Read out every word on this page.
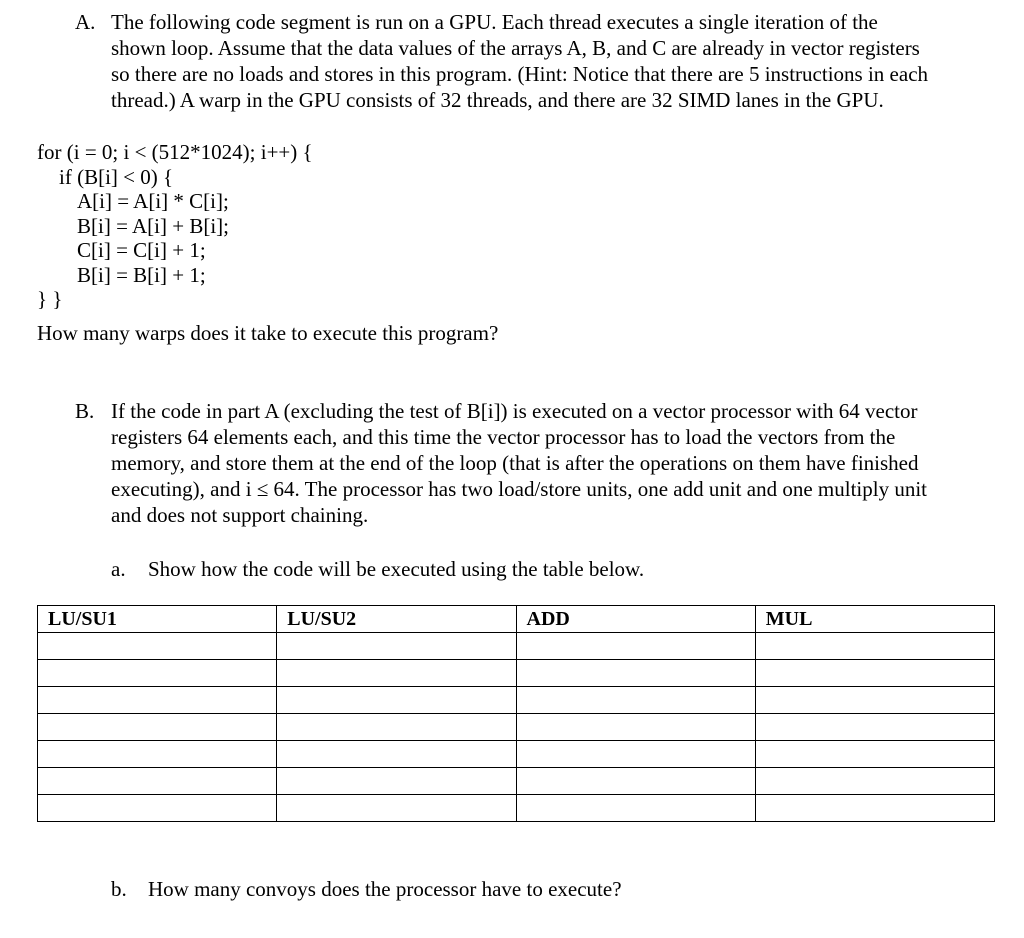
A. The following code segment is run on a GPU. Each thread executes a single iteration of the
shown loop. Assume that the data values of the arrays A, B, and C are already in vector registers
so there are no loads and stores in this program. (Hint: Notice that there are 5 instructions in each
thread.) A warp in the GPU consists of 32 threads, and there are 32 SIMD lanes in the GPU.
for (i = 0; i < (512*1024); i++) {
if (B[i] < 0) {
A[i] = A[i] * C[i];
B[i] = A[i] + B[i];
C[i] = C[i] + 1;
B[i] = B[i] + 1;
} }
How many warps does it take to execute this program?
B. If the code in part A (excluding the test of B[i]) is executed on a vector processor with 64 vector
registers 64 elements each, and this time the vector processor has to load the vectors from the
memory, and store them at the end of the loop (that is after the operations on them have finished
executing), and i ≤ 64. The processor has two load/store units, one add unit and one multiply unit
and does not support chaining.
a. Show how the code will be executed using the table below.
LU/SU1	LU/SU2	ADD	MUL

b. How many convoys does the processor have to execute?
